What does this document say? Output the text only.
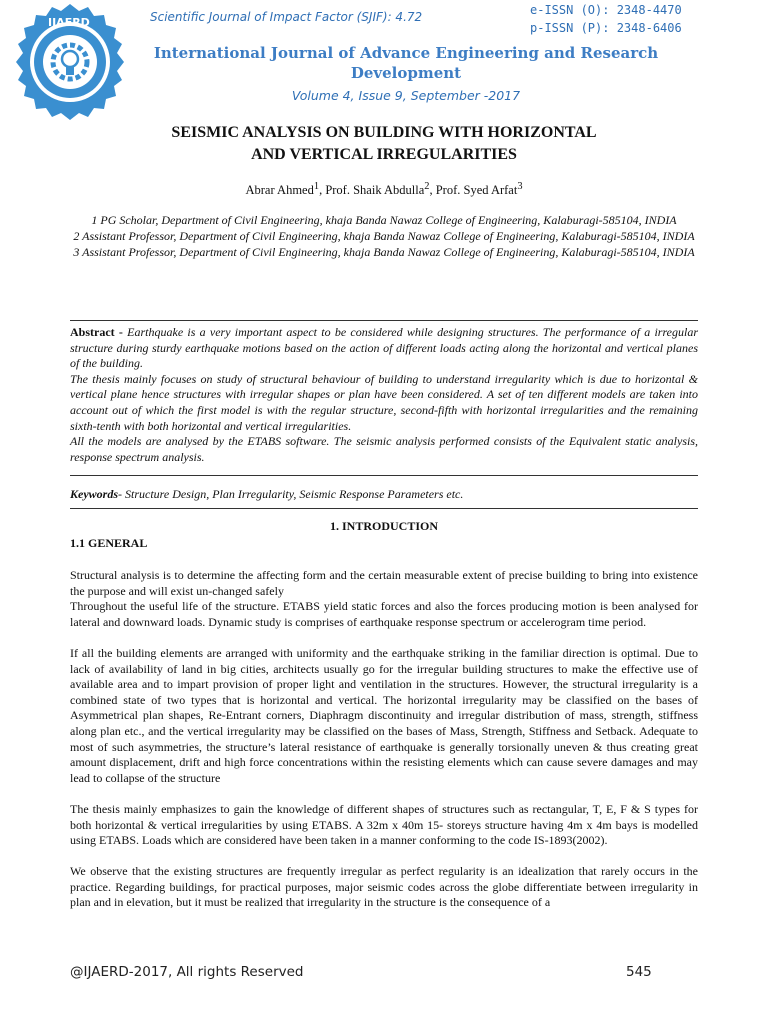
IJAERD	Scientific Journal of Impact Factor (SJIF): 4.72	e-ISSN (O): 2348-4470
p-ISSN (P): 2348-6406
International Journal of Advance Engineering and Research Development
Volume 4, Issue 9, September -2017
SEISMIC ANALYSIS ON BUILDING WITH HORIZONTAL
AND VERTICAL IRREGULARITIES
Abrar Ahmed$^1$, Prof. Shaik Abdulla$^2$, Prof. Syed Arfat$^3$
1 PG Scholar, Department of Civil Engineering, khaja Banda Nawaz College of Engineering, Kalaburagi-585104, INDIA
2 Assistant Professor, Department of Civil Engineering, khaja Banda Nawaz College of Engineering, Kalaburagi-585104, INDIA
3 Assistant Professor, Department of Civil Engineering, khaja Banda Nawaz College of Engineering, Kalaburagi-585104, INDIA

Abstract - Earthquake is a very important aspect to be considered while designing structures. The performance of a irregular structure during sturdy earthquake motions based on the action of different loads acting along the horizontal and vertical planes of the building.

The thesis mainly focuses on study of structural behaviour of building to understand irregularity which is due to horizontal & vertical plane hence structures with irregular shapes or plan have been considered. A set of ten different models are taken into account out of which the first model is with the regular structure, second-fifth with horizontal irregularities and the remaining sixth-tenth with both horizontal and vertical irregularities.

All the models are analysed by the ETABS software. The seismic analysis performed consists of the Equivalent static analysis, response spectrum analysis.

Keywords- Structure Design, Plan Irregularity, Seismic Response Parameters etc.
1. INTRODUCTION
1.1 GENERAL

Structural analysis is to determine the affecting form and the certain measurable extent of precise building to bring into existence the purpose and will exist un-changed safely

Throughout the useful life of the structure. ETABS yield static forces and also the forces producing motion is been analysed for lateral and downward loads. Dynamic study is comprises of earthquake response spectrum or accelerogram time period.

If all the building elements are arranged with uniformity and the earthquake striking in the familiar direction is optimal. Due to lack of availability of land in big cities, architects usually go for the irregular building structures to make the effective use of available area and to impart provision of proper light and ventilation in the structures. However, the structural irregularity is a combined state of two types that is horizontal and vertical. The horizontal irregularity may be classified on the bases of Asymmetrical plan shapes, Re-Entrant corners, Diaphragm discontinuity and irregular distribution of mass, strength, stiffness along plan etc., and the vertical irregularity may be classified on the bases of Mass, Strength, Stiffness and Setback. Adequate to most of such asymmetries, the structure’s lateral resistance of earthquake is generally torsionally uneven & thus creating great amount displacement, drift and high force concentrations within the resisting elements which can cause severe damages and may lead to collapse of the structure

The thesis mainly emphasizes to gain the knowledge of different shapes of structures such as rectangular, T, E, F & S types for both horizontal & vertical irregularities by using ETABS. A 32m x 40m 15- storeys structure having 4m x 4m bays is modelled using ETABS. Loads which are considered have been taken in a manner conforming to the code IS-1893(2002).

We observe that the existing structures are frequently irregular as perfect regularity is an idealization that rarely occurs in the practice. Regarding buildings, for practical purposes, major seismic codes across the globe differentiate between irregularity in plan and in elevation, but it must be realized that irregularity in the structure is the consequence of a

@IJAERD-2017, All rights Reserved	545
